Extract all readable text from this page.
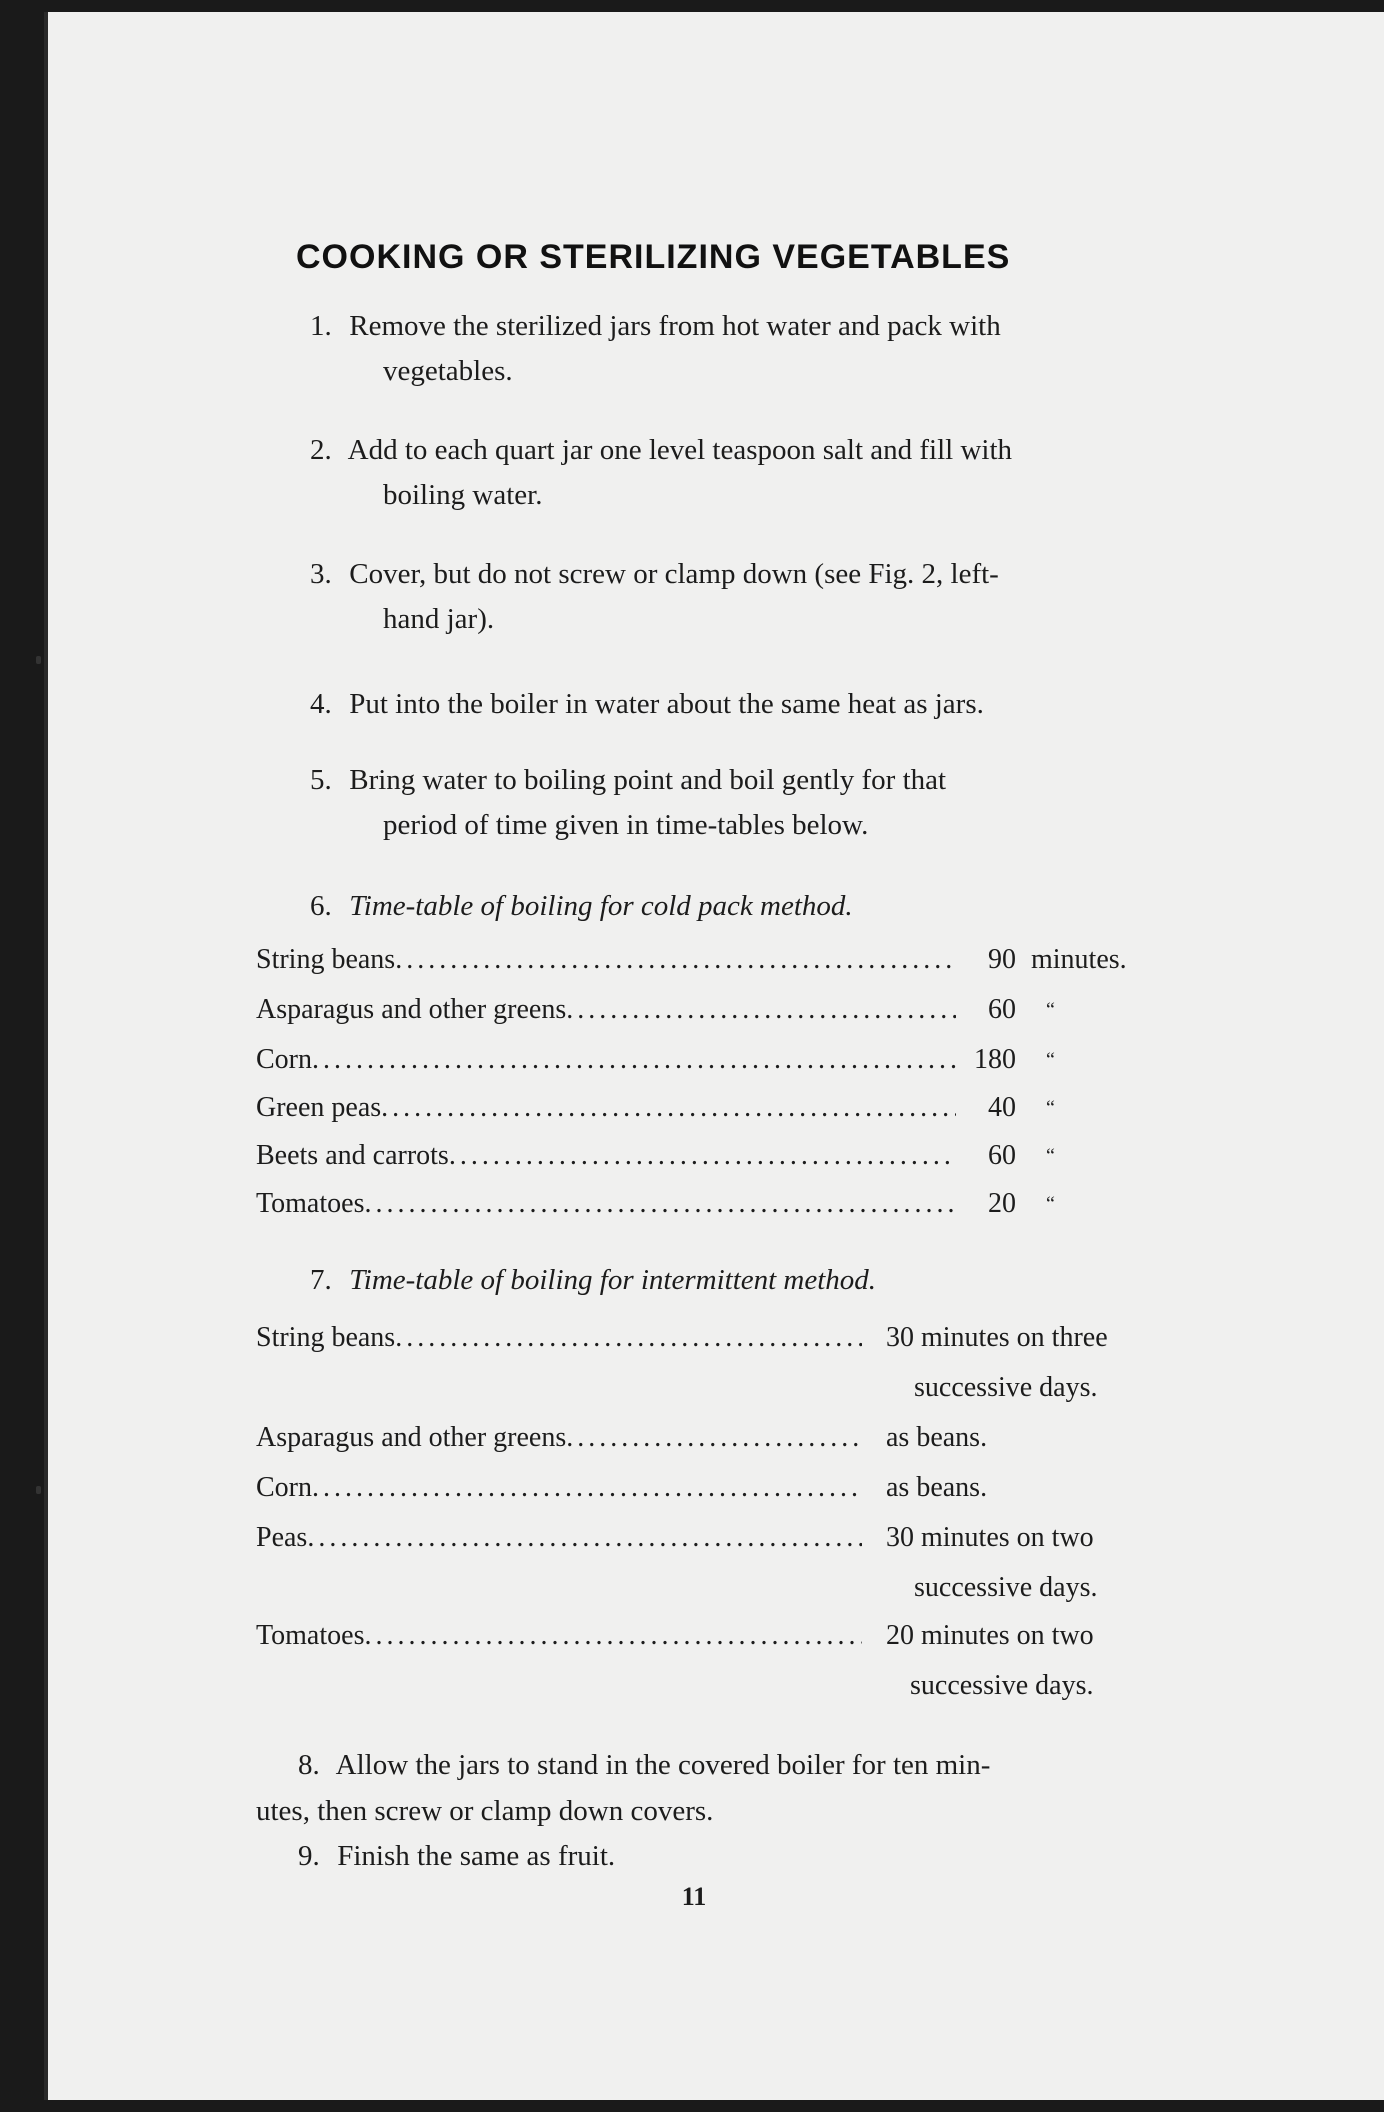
COOKING OR STERILIZING VEGETABLES
1. Remove the sterilized jars from hot water and pack with
vegetables.
2. Add to each quart jar one level teaspoon salt and fill with
boiling water.
3. Cover, but do not screw or clamp down (see Fig. 2, left-
hand jar).
4. Put into the boiler in water about the same heat as jars.
5. Bring water to boiling point and boil gently for that
period of time given in time-tables below.
6. Time-table of boiling for cold pack method.
String beans .....	90 minutes.
Asparagus and other greens .....	60 “
Corn .....	180 “
Green peas .....	40 “
Beets and carrots .....	60 “
Tomatoes .....	20 “
7. Time-table of boiling for intermittent method.
String beans .....	30 minutes on three
successive days.
Asparagus and other greens .....	as beans.
Corn .....	as beans.
Peas .....	30 minutes on two
successive days.
Tomatoes .....	20 minutes on two
successive days.
8. Allow the jars to stand in the covered boiler for ten min-
utes, then screw or clamp down covers.
9. Finish the same as fruit.
11
